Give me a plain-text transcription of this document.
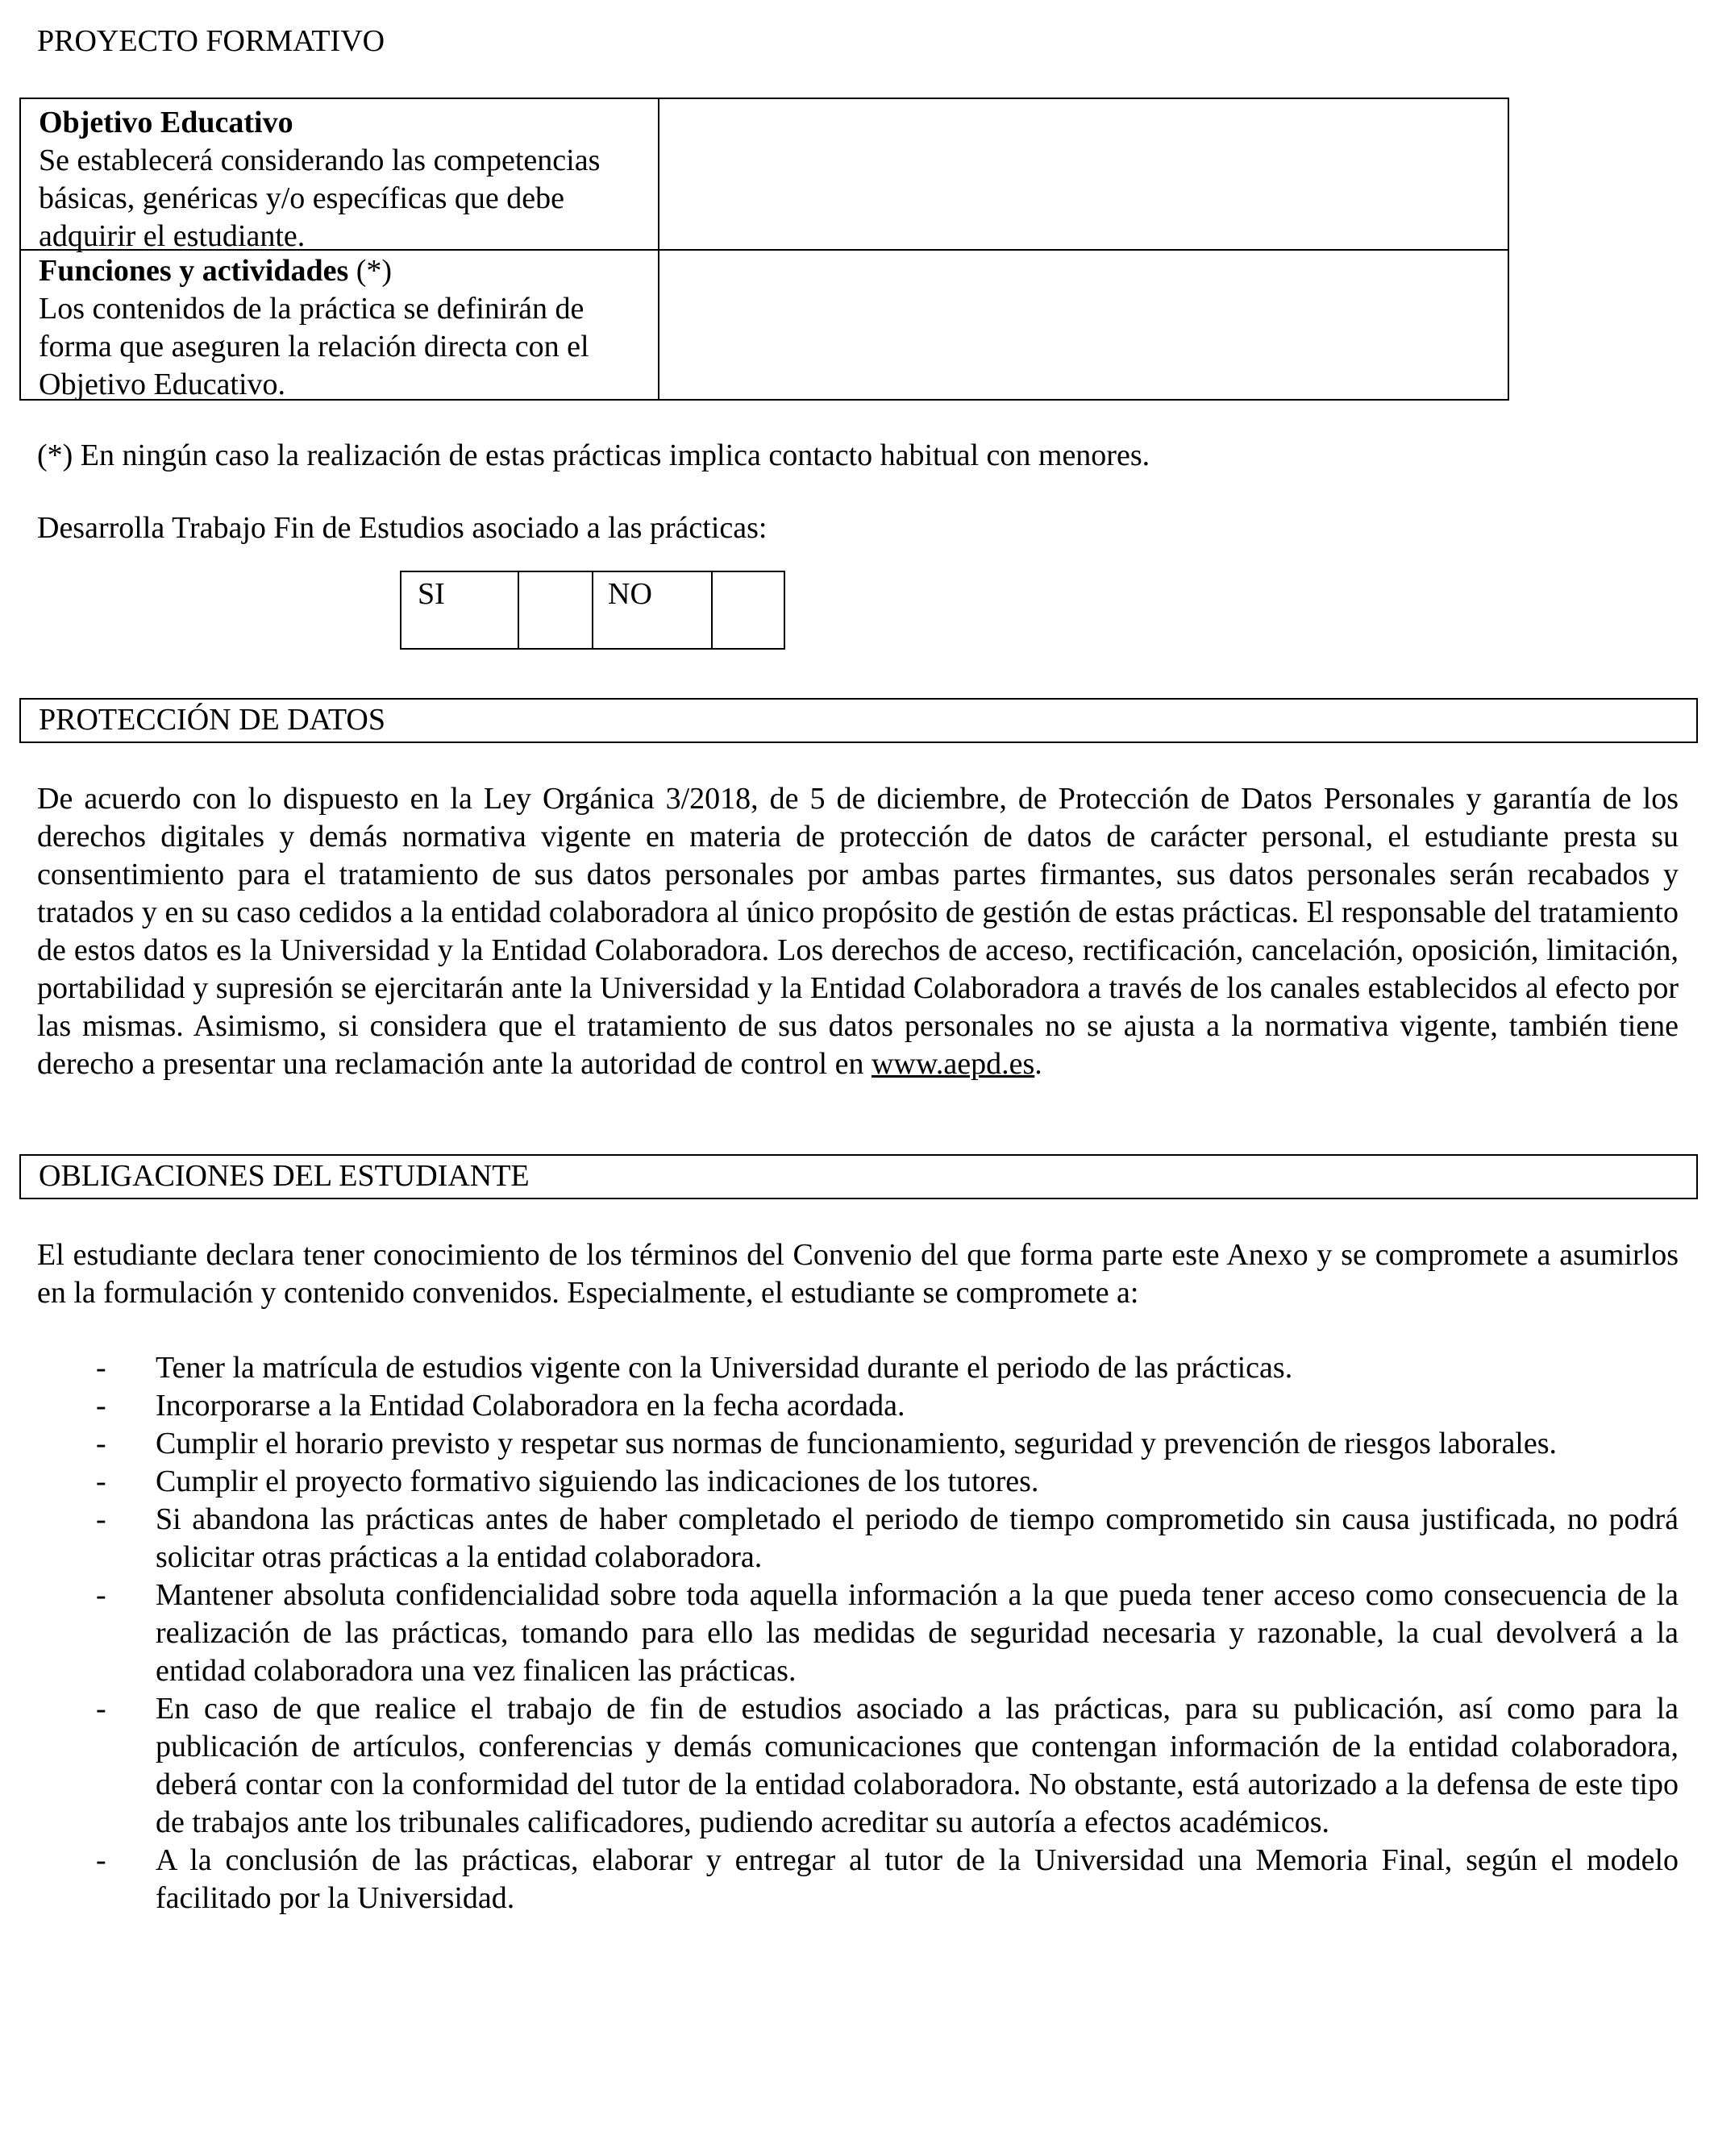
PROYECTO FORMATIVO
Objetivo Educativo
Se establecerá considerando las competencias básicas, genéricas y/o específicas que debe adquirir el estudiante.
Funciones y actividades (*)
Los contenidos de la práctica se definirán de forma que aseguren la relación directa con el Objetivo Educativo.
(*) En ningún caso la realización de estas prácticas implica contacto habitual con menores.
Desarrolla Trabajo Fin de Estudios asociado a las prácticas:
SI	NO
PROTECCIÓN DE DATOS
De acuerdo con lo dispuesto en la Ley Orgánica 3/2018, de 5 de diciembre, de Protección de Datos Personales y garantía de los derechos digitales y demás normativa vigente en materia de protección de datos de carácter personal, el estudiante presta su consentimiento para el tratamiento de sus datos personales por ambas partes firmantes, sus datos personales serán recabados y tratados y en su caso cedidos a la entidad colaboradora al único propósito de gestión de estas prácticas. El responsable del tratamiento de estos datos es la Universidad y la Entidad Colaboradora. Los derechos de acceso, rectificación, cancelación, oposición, limitación, portabilidad y supresión se ejercitarán ante la Universidad y la Entidad Colaboradora a través de los canales establecidos al efecto por las mismas. Asimismo, si considera que el tratamiento de sus datos personales no se ajusta a la normativa vigente, también tiene derecho a presentar una reclamación ante la autoridad de control en www.aepd.es.
OBLIGACIONES DEL ESTUDIANTE
El estudiante declara tener conocimiento de los términos del Convenio del que forma parte este Anexo y se compromete a asumirlos en la formulación y contenido convenidos. Especialmente, el estudiante se compromete a:
- Tener la matrícula de estudios vigente con la Universidad durante el periodo de las prácticas.
- Incorporarse a la Entidad Colaboradora en la fecha acordada.
- Cumplir el horario previsto y respetar sus normas de funcionamiento, seguridad y prevención de riesgos laborales.
- Cumplir el proyecto formativo siguiendo las indicaciones de los tutores.
- Si abandona las prácticas antes de haber completado el periodo de tiempo comprometido sin causa justificada, no podrá solicitar otras prácticas a la entidad colaboradora.
- Mantener absoluta confidencialidad sobre toda aquella información a la que pueda tener acceso como consecuencia de la realización de las prácticas, tomando para ello las medidas de seguridad necesaria y razonable, la cual devolverá a la entidad colaboradora una vez finalicen las prácticas.
- En caso de que realice el trabajo de fin de estudios asociado a las prácticas, para su publicación, así como para la publicación de artículos, conferencias y demás comunicaciones que contengan información de la entidad colaboradora, deberá contar con la conformidad del tutor de la entidad colaboradora. No obstante, está autorizado a la defensa de este tipo de trabajos ante los tribunales calificadores, pudiendo acreditar su autoría a efectos académicos.
- A la conclusión de las prácticas, elaborar y entregar al tutor de la Universidad una Memoria Final, según el modelo facilitado por la Universidad.
